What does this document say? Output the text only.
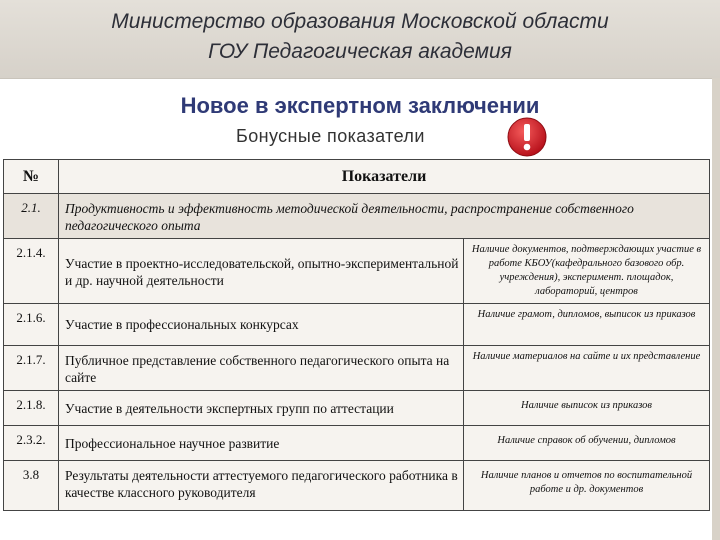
Министерство образования Московской области
ГОУ Педагогическая академия
Новое в экспертном заключении
Бонусные показатели
№	Показатели	
2.1.	Продуктивность и эффективность методической деятельности, распространение собственного педагогического опыта	
2.1.4.	Участие в проектно-исследовательской, опытно-экспериментальной и др. научной деятельности	Наличие документов, подтверждающих участие в работе КБОУ(кафедрального базового обр. учреждения), эксперимент. площадок, лабораторий, центров
2.1.6.	Участие в профессиональных конкурсах	Наличие грамот, дипломов, выписок из приказов
2.1.7.	Публичное представление собственного педагогического опыта на сайте	Наличие материалов на сайте и их представление
2.1.8.	Участие в деятельности экспертных групп по аттестации	Наличие выписок из приказов
2.3.2.	Профессиональное научное развитие	Наличие справок об обучении, дипломов
3.8	Результаты деятельности аттестуемого педагогического работника в качестве классного руководителя	Наличие планов и отчетов по воспитательной работе и др. документов
